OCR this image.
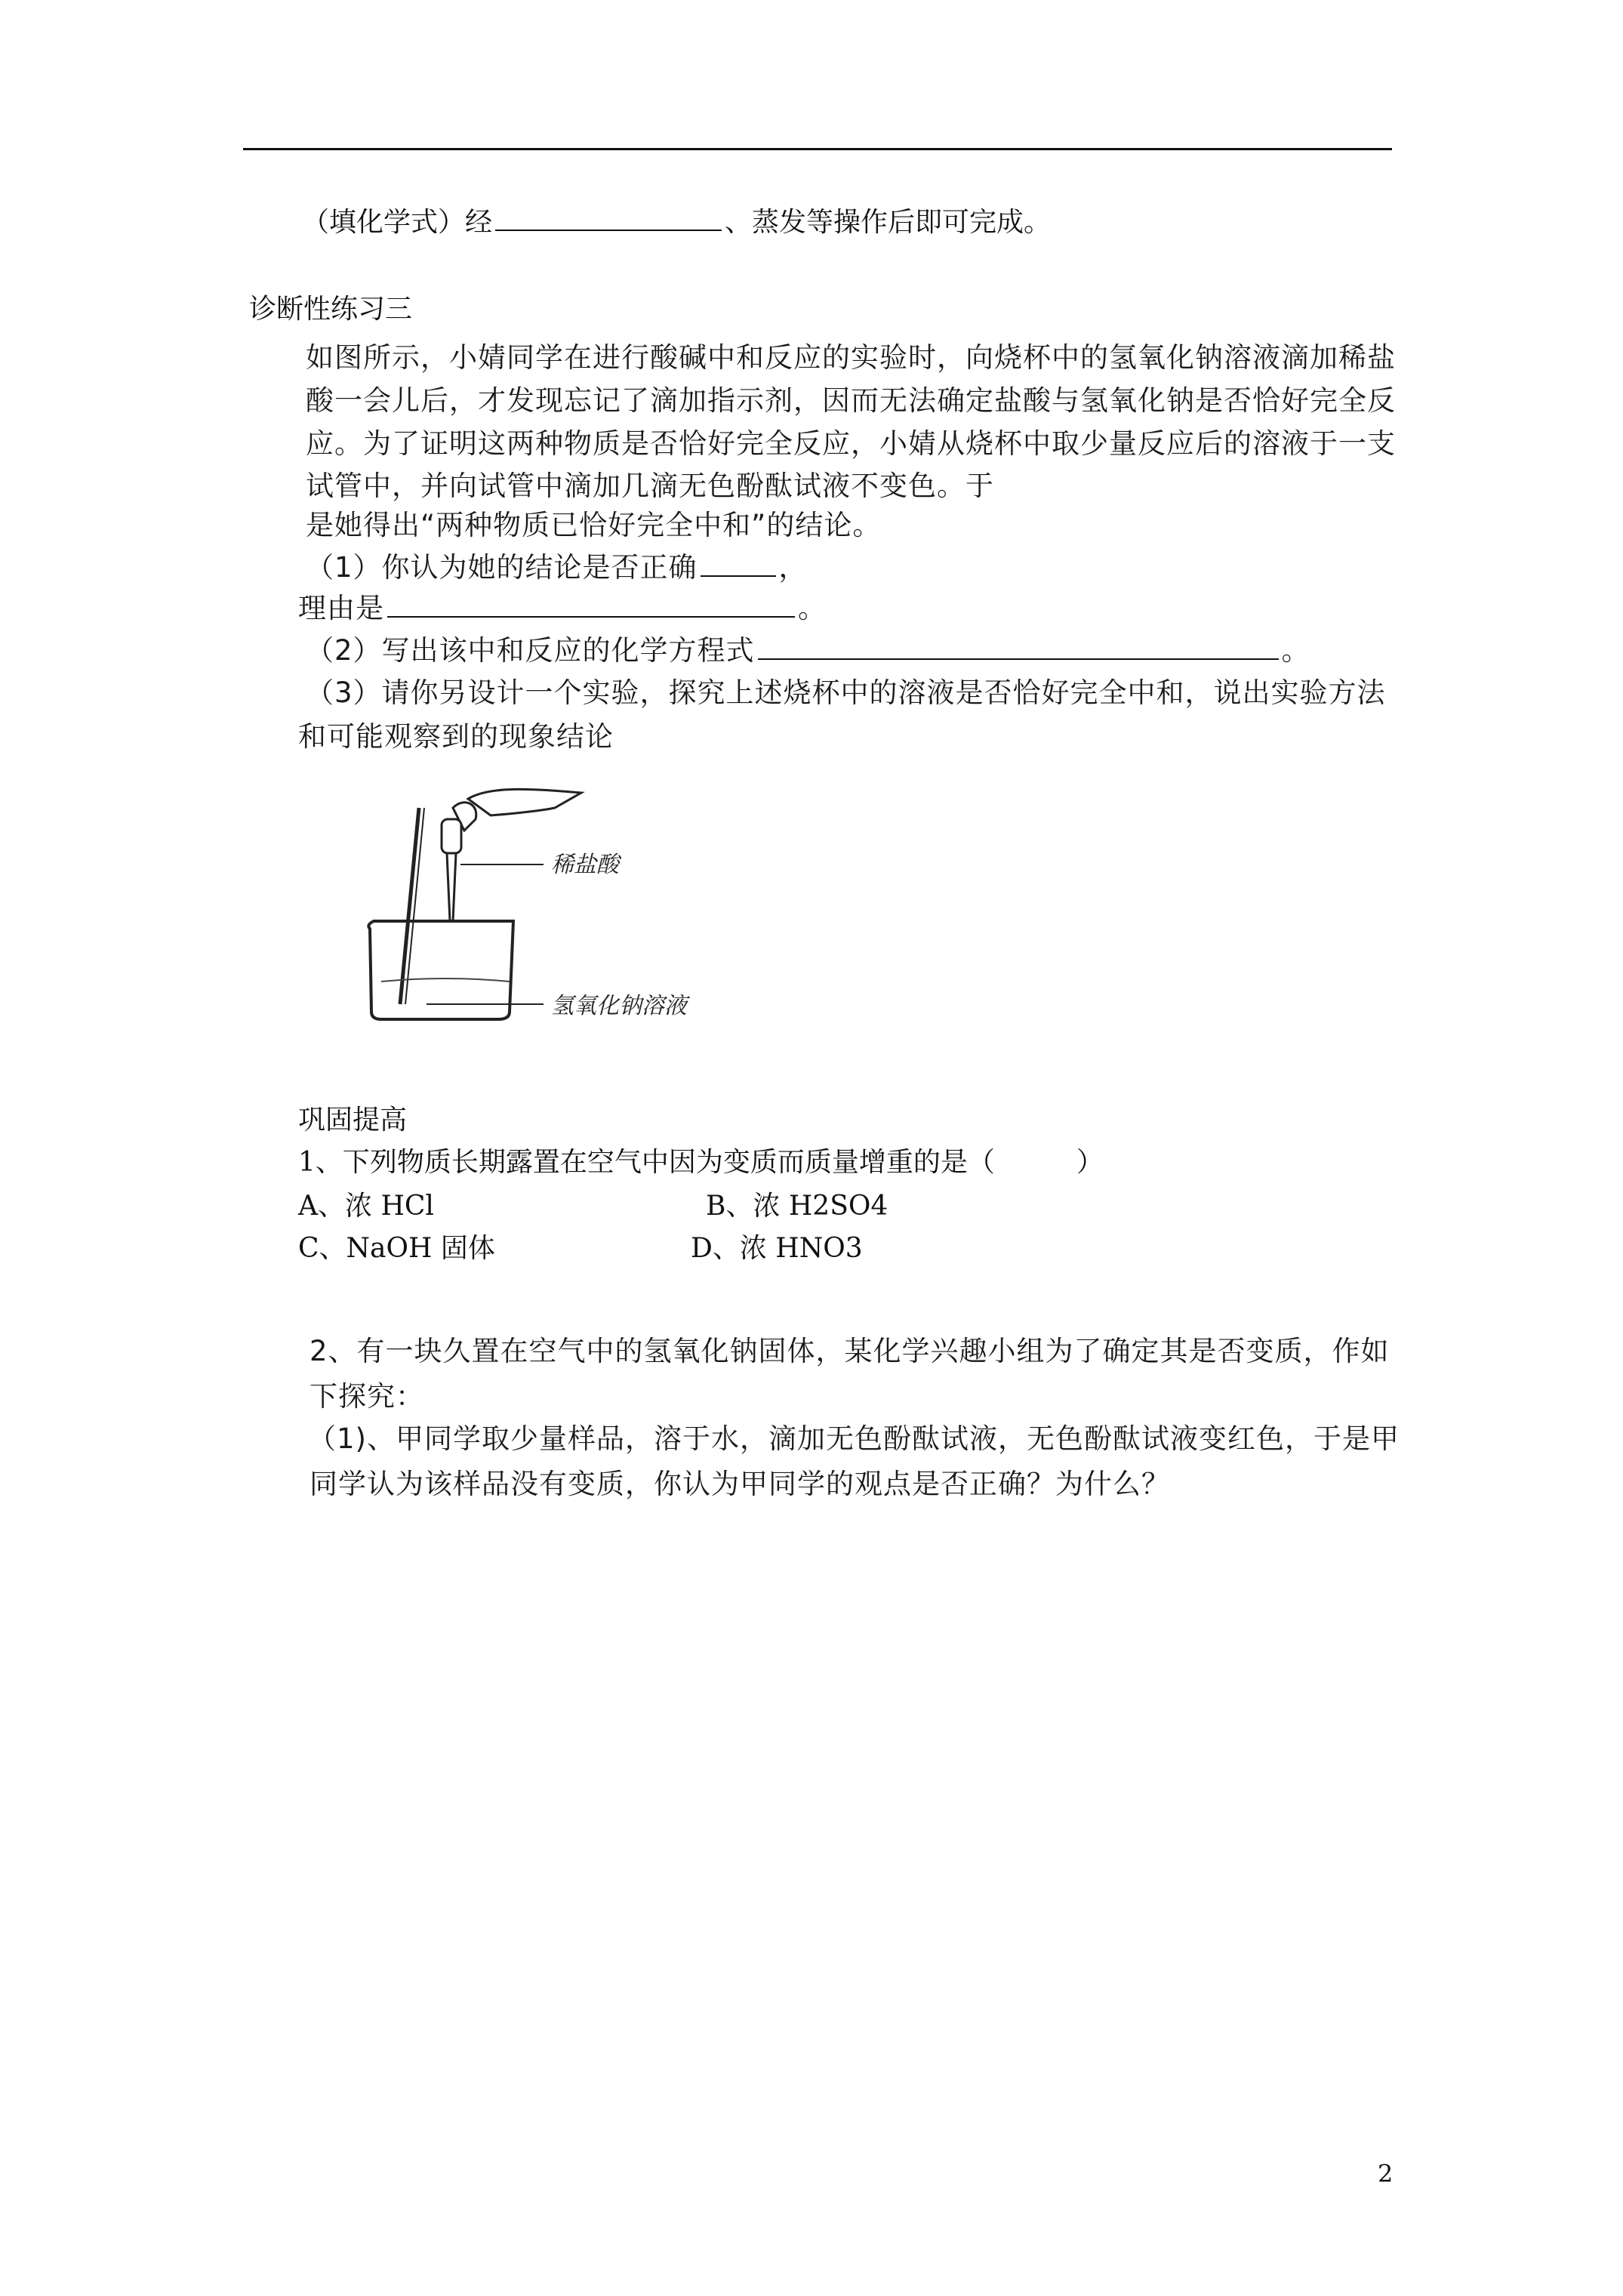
（填化学式）经	、蒸发等操作后即可完成。
诊断性练习三
如图所示，小婧同学在进行酸碱中和反应的实验时，向烧杯中的氢氧化钠溶液滴加稀盐
酸一会儿后，才发现忘记了滴加指示剂，因而无法确定盐酸与氢氧化钠是否恰好完全反
应。为了证明这两种物质是否恰好完全反应，小婧从烧杯中取少量反应后的溶液于一支
试管中，并向试管中滴加几滴无色酚酞试液不变色。于
是她得出“两种物质已恰好完全中和”的结论。
（1）你认为她的结论是否正确	，
理由是	。
（2）写出该中和反应的化学方程式	。
（3）请你另设计一个实验，探究上述烧杯中的溶液是否恰好完全中和，说出实验方法
和可能观察到的现象结论
稀盐酸
氢氧化钠溶液
巩固提高
1、下列物质长期露置在空气中因为变质而质量增重的是（　　　）
A、浓 HCl	B、浓 H2SO4
C、NaOH 固体	D、浓 HNO3
2、有一块久置在空气中的氢氧化钠固体，某化学兴趣小组为了确定其是否变质，作如
下探究：
（1)、甲同学取少量样品，溶于水，滴加无色酚酞试液，无色酚酞试液变红色，于是甲
同学认为该样品没有变质，你认为甲同学的观点是否正确？为什么？
2
